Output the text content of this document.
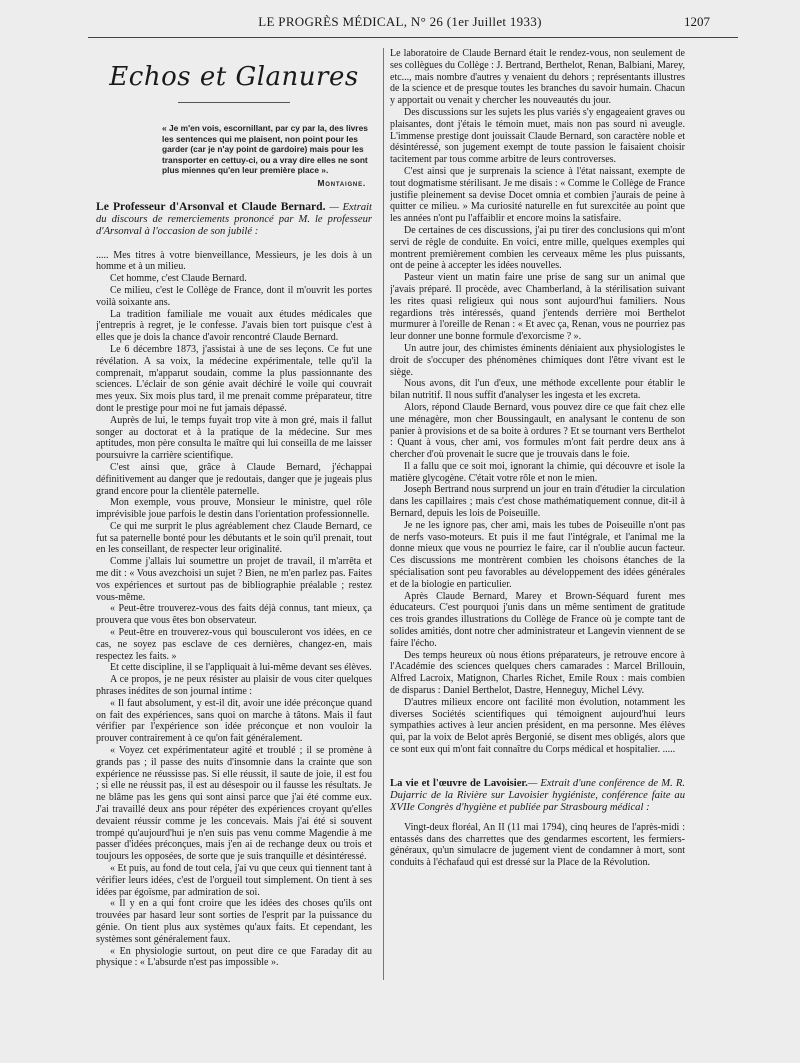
LE PROGRÈS MÉDICAL, N° 26 (1er Juillet 1933)	1207
Echos et Glanures
« Je m'en vois, escornillant, par cy par la, des livres les sentences qui me plaisent, non point pour les garder (car je n'ay point de gardoire) mais pour les transporter en cettuy-ci, ou a vray dire elles ne sont plus miennes qu'en leur première place ».
Montaigne.
Le Professeur d'Arsonval et Claude Bernard. — Extrait du discours de remerciements prononcé par M. le professeur d'Arsonval à l'occasion de son jubilé :

..... Mes titres à votre bienveillance, Messieurs, je les dois à un homme et à un milieu.

Cet homme, c'est Claude Bernard.

Ce milieu, c'est le Collège de France, dont il m'ouvrit les portes voilà soixante ans.

La tradition familiale me vouait aux études médicales que j'entrepris à regret, je le confesse. J'avais bien tort puisque c'est à elles que je dois la chance d'avoir rencontré Claude Bernard.

Le 6 décembre 1873, j'assistai à une de ses leçons. Ce fut une révélation. A sa voix, la médecine expérimentale, telle qu'il la comprenait, m'apparut soudain, comme la plus passionnante des sciences. L'éclair de son génie avait déchiré le voile qui couvrait mes yeux. Six mois plus tard, il me prenait comme préparateur, titre dont le prestige pour moi ne fut jamais dépassé.

Auprès de lui, le temps fuyait trop vite à mon gré, mais il fallut songer au doctorat et à la pratique de la médecine. Sur mes aptitudes, mon père consulta le maître qui lui conseilla de me laisser poursuivre la carrière scientifique.

C'est ainsi que, grâce à Claude Bernard, j'échappai définitivement au danger que je redoutais, danger que je jugeais plus grand encore pour la clientèle paternelle.

Mon exemple, vous prouve, Monsieur le ministre, quel rôle imprévisible joue parfois le destin dans l'orientation professionnelle.

Ce qui me surprit le plus agréablement chez Claude Bernard, ce fut sa paternelle bonté pour les débutants et le soin qu'il prenait, tout en les conseillant, de respecter leur originalité.

Comme j'allais lui soumettre un projet de travail, il m'arrêta et me dit : « Vous avezchoisi un sujet ? Bien, ne m'en parlez pas. Faites vos expériences et surtout pas de bibliographie préalable ; restez vous-même.

« Peut-être trouverez-vous des faits déjà connus, tant mieux, ça prouvera que vous êtes bon observateur.

« Peut-être en trouverez-vous qui bousculeront vos idées, en ce cas, ne soyez pas esclave de ces dernières, changez-en, mais respectez les faits. »

Et cette discipline, il se l'appliquait à lui-même devant ses élèves.

A ce propos, je ne peux résister au plaisir de vous citer quelques phrases inédites de son journal intime :

« Il faut absolument, y est-il dit, avoir une idée préconçue quand on fait des expériences, sans quoi on marche à tâtons. Mais il faut vérifier par l'expérience son idée préconçue et non vouloir la prouver contrairement à ce qu'on fait généralement.

« Voyez cet expérimentateur agité et troublé ; il se promène à grands pas ; il passe des nuits d'insomnie dans la crainte que son expérience ne réussisse pas. Si elle réussit, il saute de joie, il est fou ; si elle ne réussit pas, il est au désespoir ou il fausse les résultats. Je ne blâme pas les gens qui sont ainsi parce que j'ai été comme eux. J'ai travaillé deux ans pour répéter des expériences croyant qu'elles devaient réussir comme je les concevais. Mais j'ai été si souvent trompé qu'aujourd'hui je n'en suis pas venu comme Magendie à me passer d'idées préconçues, mais j'en ai de rechange deux ou trois et toujours les opposées, de sorte que je suis tranquille et désintéressé.

« Et puis, au fond de tout cela, j'ai vu que ceux qui tiennent tant à vérifier leurs idées, c'est de l'orgueil tout simplement. On tient à ses idées par égoïsme, par admiration de soi.

« Il y en a qui font croire que les idées des choses qu'ils ont trouvées par hasard leur sont sorties de l'esprit par la puissance du génie. On tient plus aux systèmes qu'aux faits. Et cependant, les systèmes sont généralement faux.

« En physiologie surtout, on peut dire ce que Faraday dit au physique : « L'absurde n'est pas impossible ».

Le laboratoire de Claude Bernard était le rendez-vous, non seulement de ses collègues du Collège : J. Bertrand, Berthelot, Renan, Balbiani, Marey, etc..., mais nombre d'autres y venaient du dehors ; représentants illustres de la science et de presque toutes les branches du savoir humain. Chacun y apportait ou venait y chercher les nouveautés du jour.

Des discussions sur les sujets les plus variés s'y engageaient graves ou plaisantes, dont j'étais le témoin muet, mais non pas sourd ni aveugle. L'immense prestige dont jouissait Claude Bernard, son caractère noble et désintéressé, son jugement exempt de toute passion le faisaient choisir tacitement par tous comme arbitre de leurs controverses.

C'est ainsi que je surprenais la science à l'état naissant, exempte de tout dogmatisme stérilisant. Je me disais : « Comme le Collège de France justifie pleinement sa devise Docet omnia et combien j'aurais de peine à quitter ce milieu. » Ma curiosité naturelle en fut surexcitée au point que les années n'ont pu l'affaiblir et encore moins la satisfaire.

De certaines de ces discussions, j'ai pu tirer des conclusions qui m'ont servi de règle de conduite. En voici, entre mille, quelques exemples qui montrent premièrement combien les cerveaux même les plus puissants, ont de peine à accepter les idées nouvelles.

Pasteur vient un matin faire une prise de sang sur un animal que j'avais préparé. Il procède, avec Chamberland, à la stérilisation suivant les rites quasi religieux qui nous sont aujourd'hui familiers. Nous regardions très intéressés, quand j'entends derrière moi Berthelot murmurer à l'oreille de Renan : « Et avec ça, Renan, vous ne pourriez pas leur donner une bonne formule d'exorcisme ? ».

Un autre jour, des chimistes éminents déniaient aux physiologistes le droit de s'occuper des phénomènes chimiques dont l'être vivant est le siège.

Nous avons, dit l'un d'eux, une méthode excellente pour établir le bilan nutritif. Il nous suffit d'analyser les ingesta et les excreta.

Alors, répond Claude Bernard, vous pouvez dire ce que fait chez elle une ménagère, mon cher Boussingault, en analysant le contenu de son panier à provisions et de sa boite à ordures ? Et se tournant vers Berthelot : Quant à vous, cher ami, vos formules m'ont fait perdre deux ans à chercher d'où provenait le sucre que je trouvais dans le foie.

Il a fallu que ce soit moi, ignorant la chimie, qui découvre et isole la matière glycogène. C'était votre rôle et non le mien.

Joseph Bertrand nous surprend un jour en train d'étudier la circulation dans les capillaires ; mais c'est chose mathématiquement connue, dit-il à Bernard, depuis les lois de Poiseuille.

Je ne les ignore pas, cher ami, mais les tubes de Poiseuille n'ont pas de nerfs vaso-moteurs. Et puis il me faut l'intégrale, et l'animal me la donne mieux que vous ne pourriez le faire, car il n'oublie aucun facteur. Ces discussions me montrèrent combien les choisons étanches de la spécialisation sont peu favorables au développement des idées générales et de la biologie en particulier.

Après Claude Bernard, Marey et Brown-Séquard furent mes éducateurs. C'est pourquoi j'unis dans un même sentiment de gratitude ces trois grandes illustrations du Collège de France où je compte tant de solides amitiés, dont notre cher administrateur et Langevin viennent de se faire l'écho.

Des temps heureux où nous étions préparateurs, je retrouve encore à l'Académie des sciences quelques chers camarades : Marcel Brillouin, Alfred Lacroix, Matignon, Charles Richet, Emile Roux : mais combien de disparus : Daniel Berthelot, Dastre, Henneguy, Michel Lévy.

D'autres milieux encore ont facilité mon évolution, notamment les diverses Sociétés scientifiques qui témoignent aujourd'hui leurs sympathies actives à leur ancien président, en ma personne. Mes élèves qui, par la voix de Belot après Bergonié, se disent mes obligés, alors que ce sont eux qui m'ont fait connaître du Corps médical et hospitalier. .....

La vie et l'œuvre de Lavoisier.— Extrait d'une conférence de M. R. Dujarric de la Rivière sur Lavoisier hygiéniste, conférence faite au XVIIe Congrès d'hygiène et publiée par Strasbourg médical :

Vingt-deux floréal, An II (11 mai 1794), cinq heures de l'après-midi : entassés dans des charrettes que des gendarmes escortent, les fermiers-généraux, qu'un simulacre de jugement vient de condamner à mort, sont conduits à l'échafaud qui est dressé sur la Place de la Révolution.
